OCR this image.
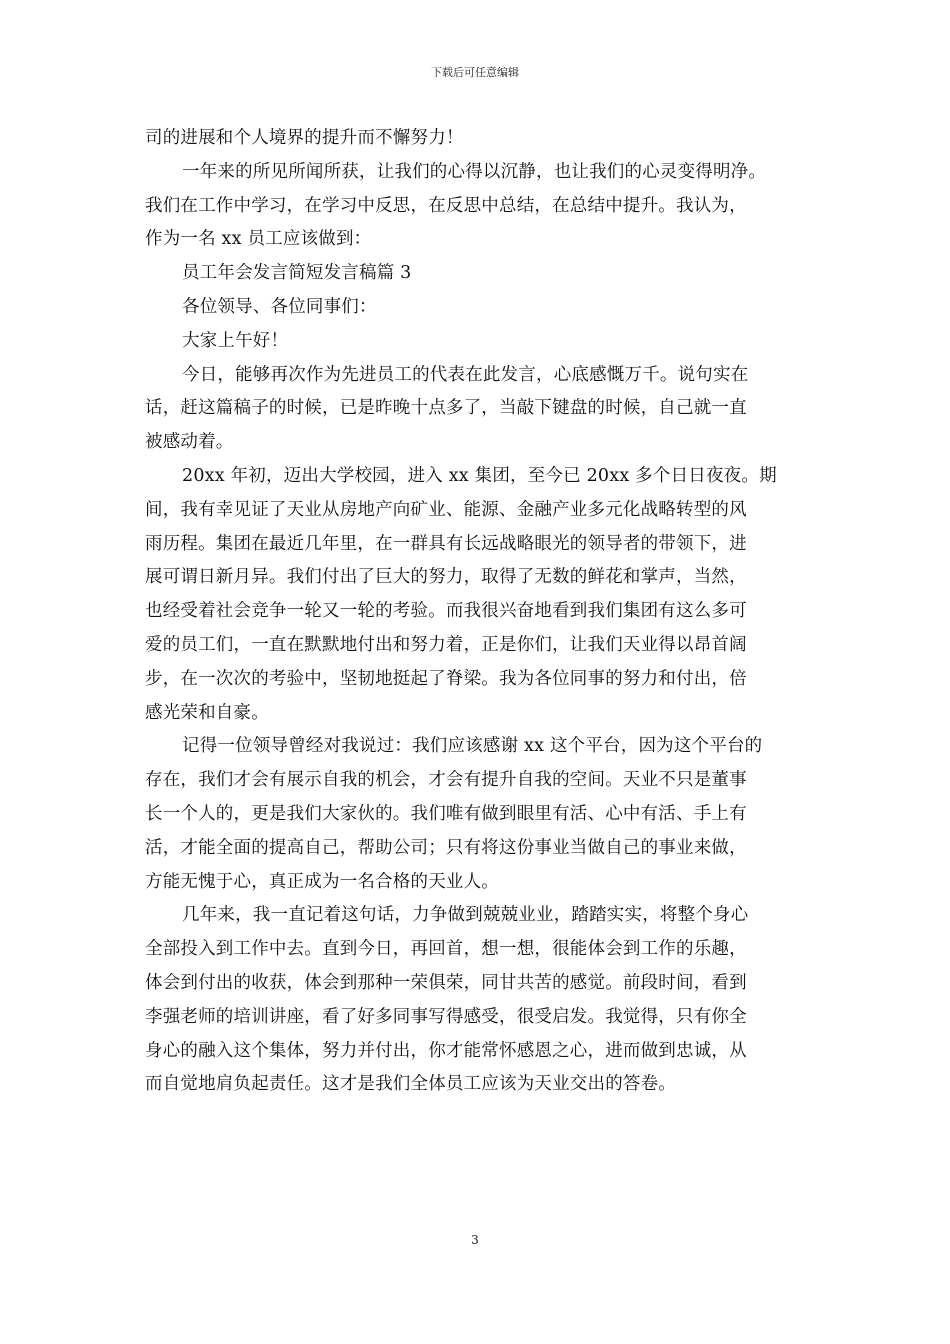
下载后可任意编辑
司的进展和个人境界的提升而不懈努力！
一年来的所见所闻所获，让我们的心得以沉静，也让我们的心灵变得明净。
我们在工作中学习，在学习中反思，在反思中总结，在总结中提升。我认为，
作为一名 xx 员工应该做到：
员工年会发言简短发言稿篇 3
各位领导、各位同事们：
大家上午好！
今日，能够再次作为先进员工的代表在此发言，心底感慨万千。说句实在
话，赶这篇稿子的时候，已是昨晚十点多了，当敲下键盘的时候，自己就一直
被感动着。
20xx 年初，迈出大学校园，进入 xx 集团，至今已 20xx 多个日日夜夜。期
间，我有幸见证了天业从房地产向矿业、能源、金融产业多元化战略转型的风
雨历程。集团在最近几年里，在一群具有长远战略眼光的领导者的带领下，进
展可谓日新月异。我们付出了巨大的努力，取得了无数的鲜花和掌声，当然，
也经受着社会竞争一轮又一轮的考验。而我很兴奋地看到我们集团有这么多可
爱的员工们，一直在默默地付出和努力着，正是你们，让我们天业得以昂首阔
步，在一次次的考验中，坚韧地挺起了脊梁。我为各位同事的努力和付出，倍
感光荣和自豪。
记得一位领导曾经对我说过：我们应该感谢 xx 这个平台，因为这个平台的
存在，我们才会有展示自我的机会，才会有提升自我的空间。天业不只是董事
长一个人的，更是我们大家伙的。我们唯有做到眼里有活、心中有活、手上有
活，才能全面的提高自己，帮助公司；只有将这份事业当做自己的事业来做，
方能无愧于心，真正成为一名合格的天业人。
几年来，我一直记着这句话，力争做到兢兢业业，踏踏实实，将整个身心
全部投入到工作中去。直到今日，再回首，想一想，很能体会到工作的乐趣，
体会到付出的收获，体会到那种一荣俱荣，同甘共苦的感觉。前段时间，看到
李强老师的培训讲座，看了好多同事写得感受，很受启发。我觉得，只有你全
身心的融入这个集体，努力并付出，你才能常怀感恩之心，进而做到忠诚，从
而自觉地肩负起责任。这才是我们全体员工应该为天业交出的答卷。
3
